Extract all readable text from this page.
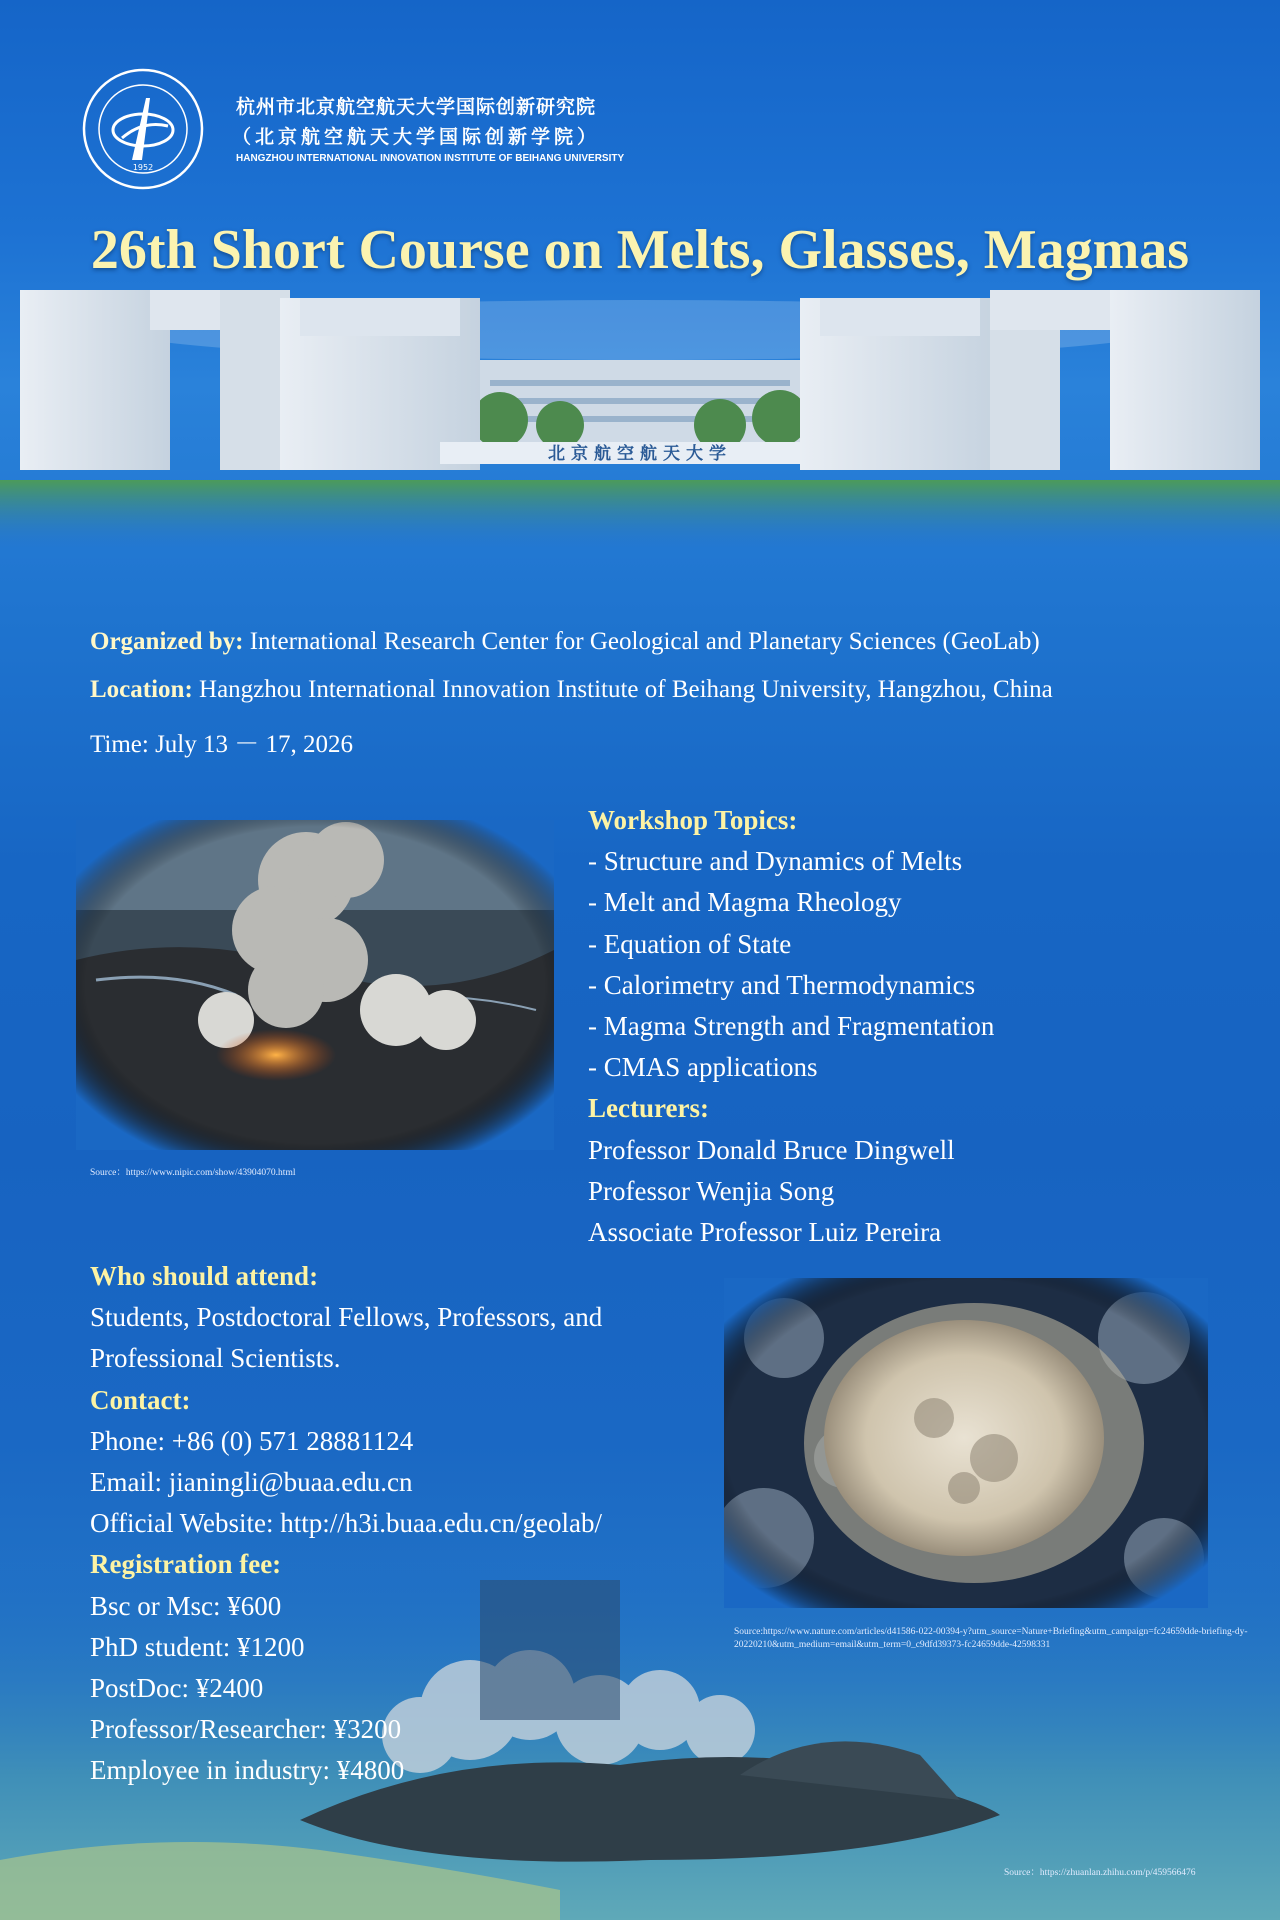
1952
杭州市北京航空航天大学国际创新研究院
（北京航空航天大学国际创新学院）
HANGZHOU INTERNATIONAL INNOVATION INSTITUTE OF BEIHANG UNIVERSITY
26th Short Course on Melts, Glasses, Magmas
北京航空航天大学
Organized by: International Research Center for Geological and Planetary Sciences (GeoLab)
Location: Hangzhou International Innovation Institute of Beihang University, Hangzhou, China
Time: July 13 － 17, 2026
Source：https://www.nipic.com/show/43904070.html
Workshop Topics:
- Structure and Dynamics of Melts
- Melt and Magma Rheology
- Equation of State
- Calorimetry and Thermodynamics
- Magma Strength and Fragmentation
- CMAS applications
Lecturers:
Professor Donald Bruce Dingwell
Professor Wenjia Song
Associate Professor Luiz Pereira
Source:https://www.nature.com/articles/d41586-022-00394-y?utm_source=Nature+Briefing&utm_campaign=fc24659dde-briefing-dy-20220210&utm_medium=email&utm_term=0_c9dfd39373-fc24659dde-42598331
Who should attend:
Students, Postdoctoral Fellows, Professors, and
Professional Scientists.
Contact:
Phone: +86 (0) 571 28881124
Email: jianingli@buaa.edu.cn
Official Website: http://h3i.buaa.edu.cn/geolab/
Registration fee:
Bsc or Msc: ¥600
PhD student: ¥1200
PostDoc: ¥2400
Professor/Researcher: ¥3200
Employee in industry: ¥4800
Source：https://zhuanlan.zhihu.com/p/459566476
